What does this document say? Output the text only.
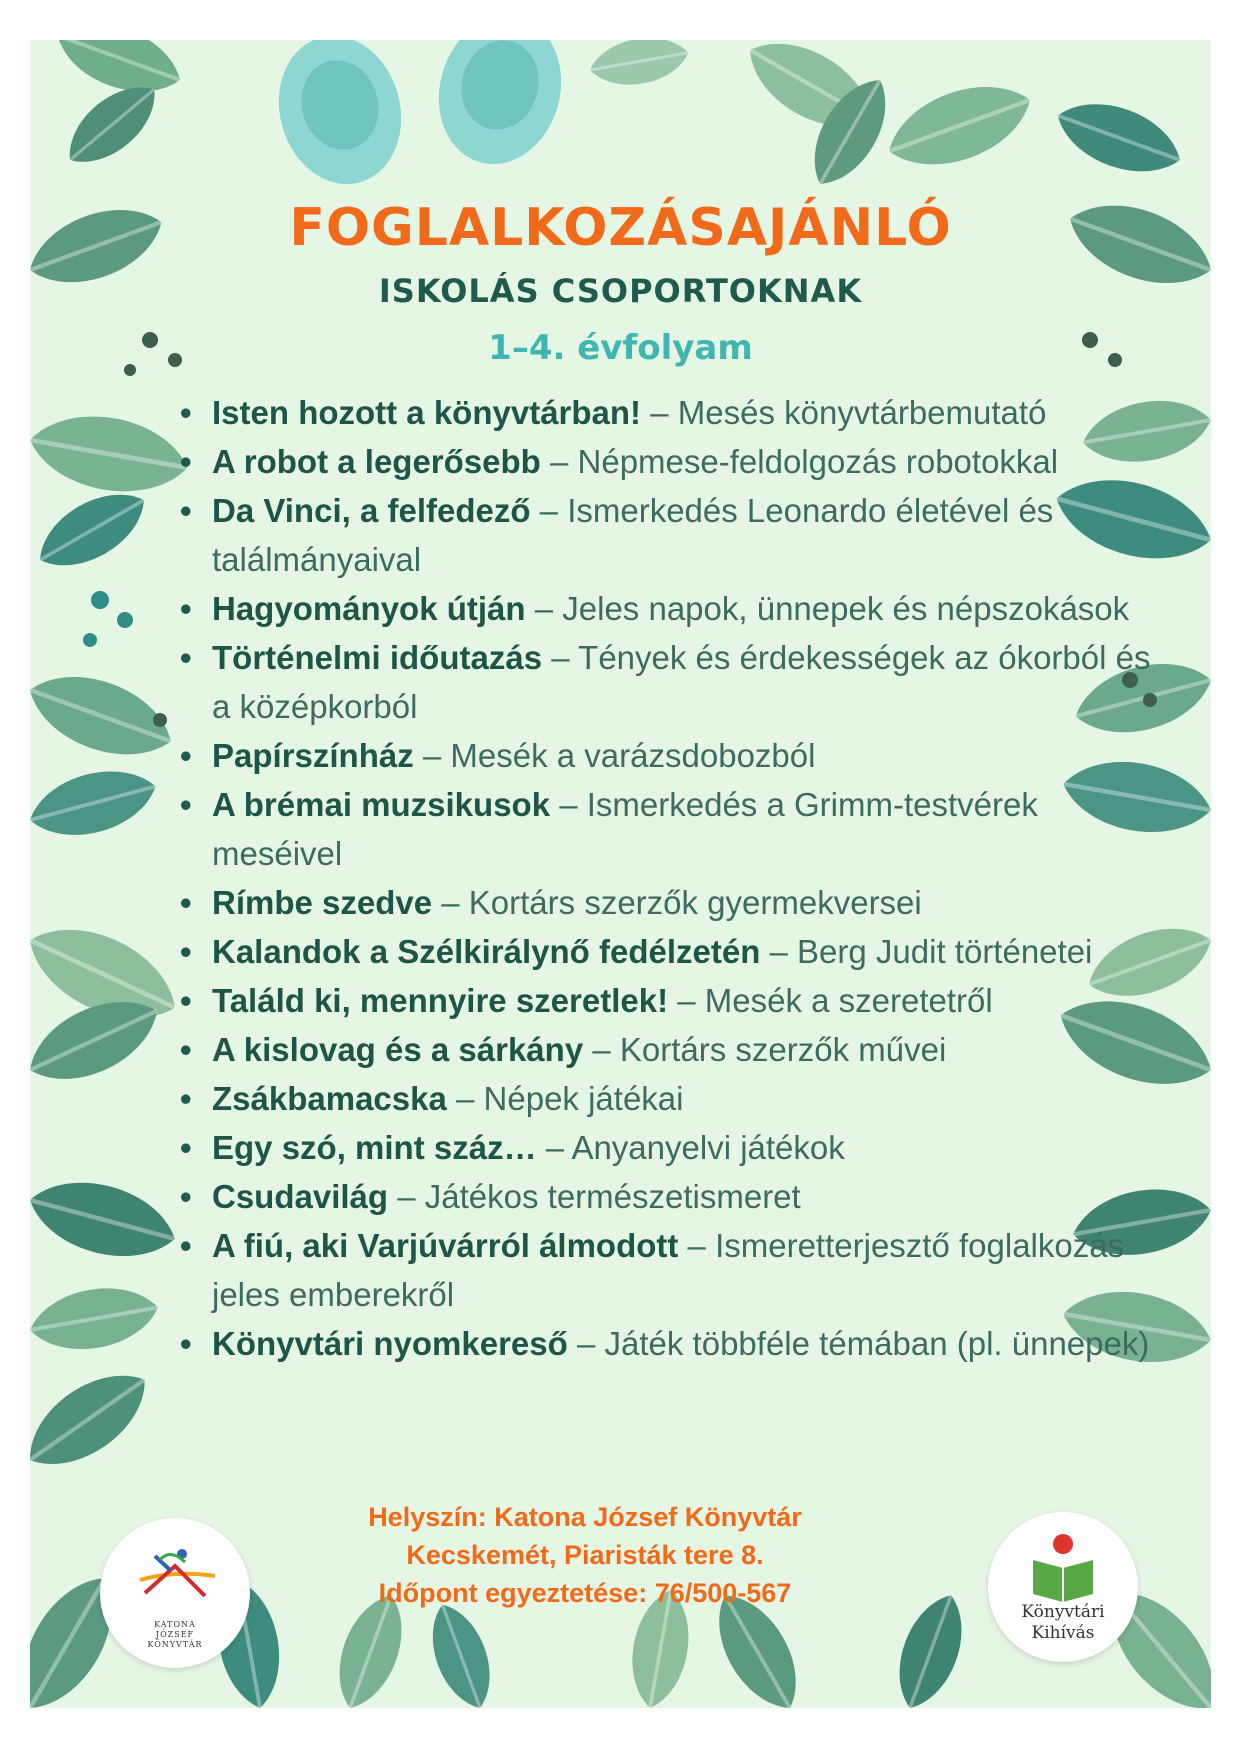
FOGLALKOZÁSAJÁNLÓ
ISKOLÁS CSOPORTOKNAK
1–4. évfolyam
• Isten hozott a könyvtárban! – Mesés könyvtárbemutató
• A robot a legerősebb – Népmese-feldolgozás robotokkal
• Da Vinci, a felfedező – Ismerkedés Leonardo életével és találmányaival
• Hagyományok útján – Jeles napok, ünnepek és népszokások
• Történelmi időutazás – Tények és érdekességek az ókorból és a középkorból
• Papírszínház – Mesék a varázsdobozból
• A brémai muzsikusok – Ismerkedés a Grimm-testvérek meséivel
• Rímbe szedve – Kortárs szerzők gyermekversei
• Kalandok a Szélkirálynő fedélzetén – Berg Judit történetei
• Találd ki, mennyire szeretlek! – Mesék a szeretetről
• A kislovag és a sárkány – Kortárs szerzők művei
• Zsákbamacska – Népek játékai
• Egy szó, mint száz… – Anyanyelvi játékok
• Csudavilág – Játékos természetismeret
• A fiú, aki Varjúvárról álmodott – Ismeretterjesztő foglalkozás jeles emberekről
• Könyvtári nyomkereső – Játék többféle témában (pl. ünnepek)
Helyszín: Katona József Könyvtár
Kecskemét, Piaristák tere 8.
Időpont egyeztetése: 76/500-567
KATONA
JÓZSEF
KÖNYVTÁR
Könyvtári
Kihívás
